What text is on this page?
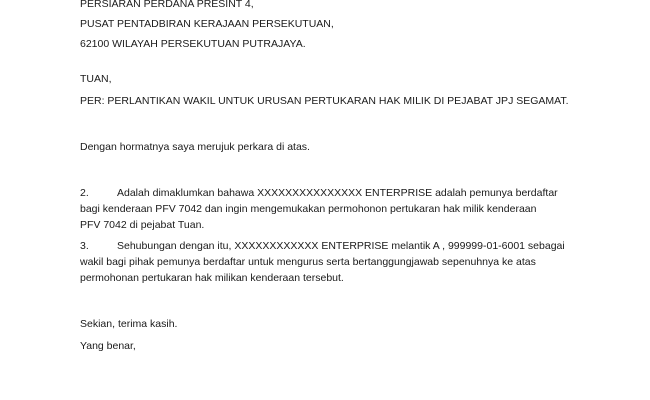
PERSIARAN PERDANA PRESINT 4,
PUSAT PENTADBIRAN KERAJAAN PERSEKUTUAN,
62100 WILAYAH PERSEKUTUAN PUTRAJAYA.
TUAN,
PER: PERLANTIKAN WAKIL UNTUK URUSAN PERTUKARAN HAK MILIK DI PEJABAT JPJ SEGAMAT.
Dengan hormatnya saya merujuk perkara di atas.
2.	Adalah dimaklumkan bahawa XXXXXXXXXXXXXXX ENTERPRISE adalah pemunya berdaftar
bagi kenderaan PFV 7042 dan ingin mengemukakan permohonon pertukaran hak milik kenderaan
PFV 7042 di pejabat Tuan.
3.	Sehubungan dengan itu, XXXXXXXXXXXX ENTERPRISE melantik A , 999999-01-6001 sebagai
wakil bagi pihak pemunya berdaftar untuk mengurus serta bertanggungjawab sepenuhnya ke atas
permohonan pertukaran hak milikan kenderaan tersebut.
Sekian, terima kasih.
Yang benar,
